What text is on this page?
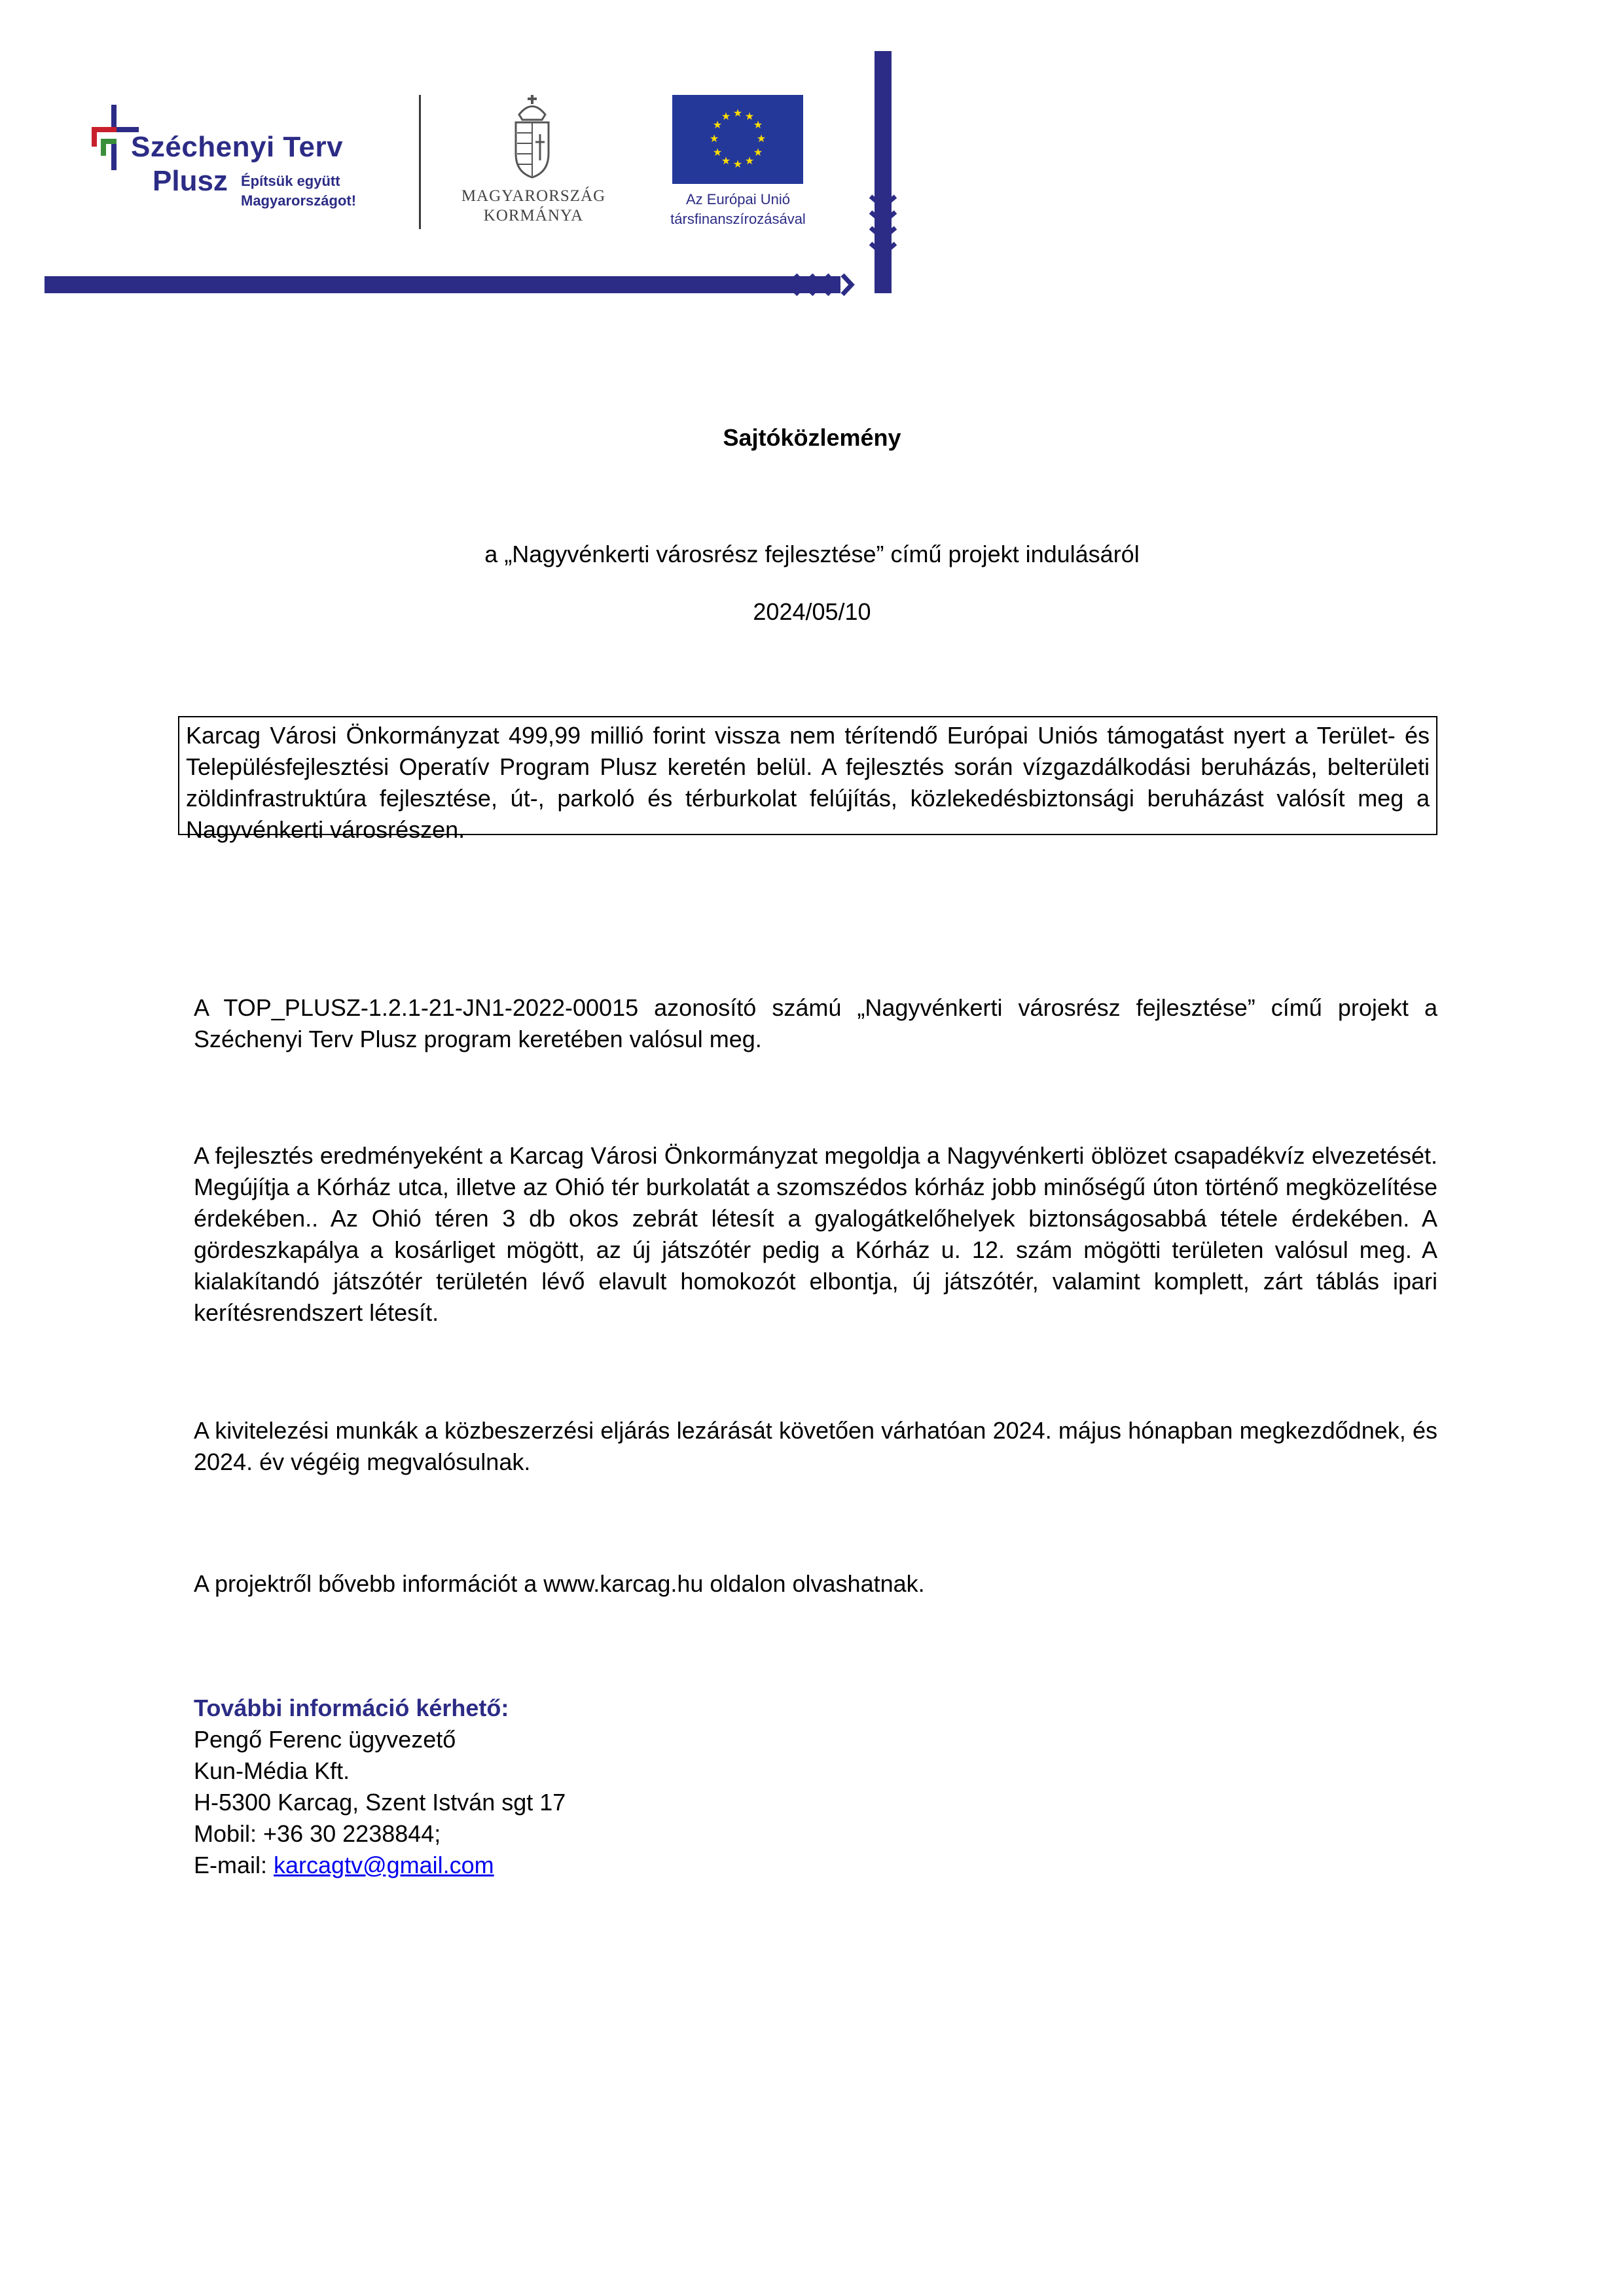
Széchenyi Terv
Plusz Építsük együtt
Magyarországot!	MAGYARORSZÁG
KORMÁNYA
★ ★
★
★
★
★
★
★
★
★
★
★
Az Európai Unió
társfinanszírozásával
Sajtóközlemény
a „Nagyvénkerti városrész fejlesztése” című projekt indulásáról
2024/05/10
Karcag Városi Önkormányzat 499,99 millió forint vissza nem térítendő Európai Uniós támogatást nyert a Terület- és Településfejlesztési Operatív Program Plusz keretén belül. A fejlesztés során vízgazdálkodási beruházás, belterületi zöldinfrastruktúra fejlesztése, út-, parkoló és térburkolat felújítás, közlekedésbiztonsági beruházást valósít meg a Nagyvénkerti városrészen.
A TOP_PLUSZ-1.2.1-21-JN1-2022-00015 azonosító számú „Nagyvénkerti városrész fejlesztése” című projekt a Széchenyi Terv Plusz program keretében valósul meg.
A fejlesztés eredményeként a Karcag Városi Önkormányzat megoldja a Nagyvénkerti öblözet csapadékvíz elvezetését. Megújítja a Kórház utca, illetve az Ohió tér burkolatát a szomszédos kórház jobb minőségű úton történő megközelítése érdekében.. Az Ohió téren 3 db okos zebrát létesít a gyalogátkelőhelyek biztonságosabbá tétele érdekében. A gördeszkapálya a kosárliget mögött, az új játszótér pedig a Kórház u. 12. szám mögötti területen valósul meg. A kialakítandó játszótér területén lévő elavult homokozót elbontja, új játszótér, valamint komplett, zárt táblás ipari kerítésrendszert létesít.
A kivitelezési munkák a közbeszerzési eljárás lezárását követően várhatóan 2024. május hónapban megkezdődnek, és 2024. év végéig megvalósulnak.
A projektről bővebb információt a www.karcag.hu oldalon olvashatnak.
További információ kérhető:
Pengő Ferenc ügyvezető
Kun-Média Kft.
H-5300 Karcag, Szent István sgt 17
Mobil: +36 30 2238844;
E-mail: karcagtv@gmail.com
